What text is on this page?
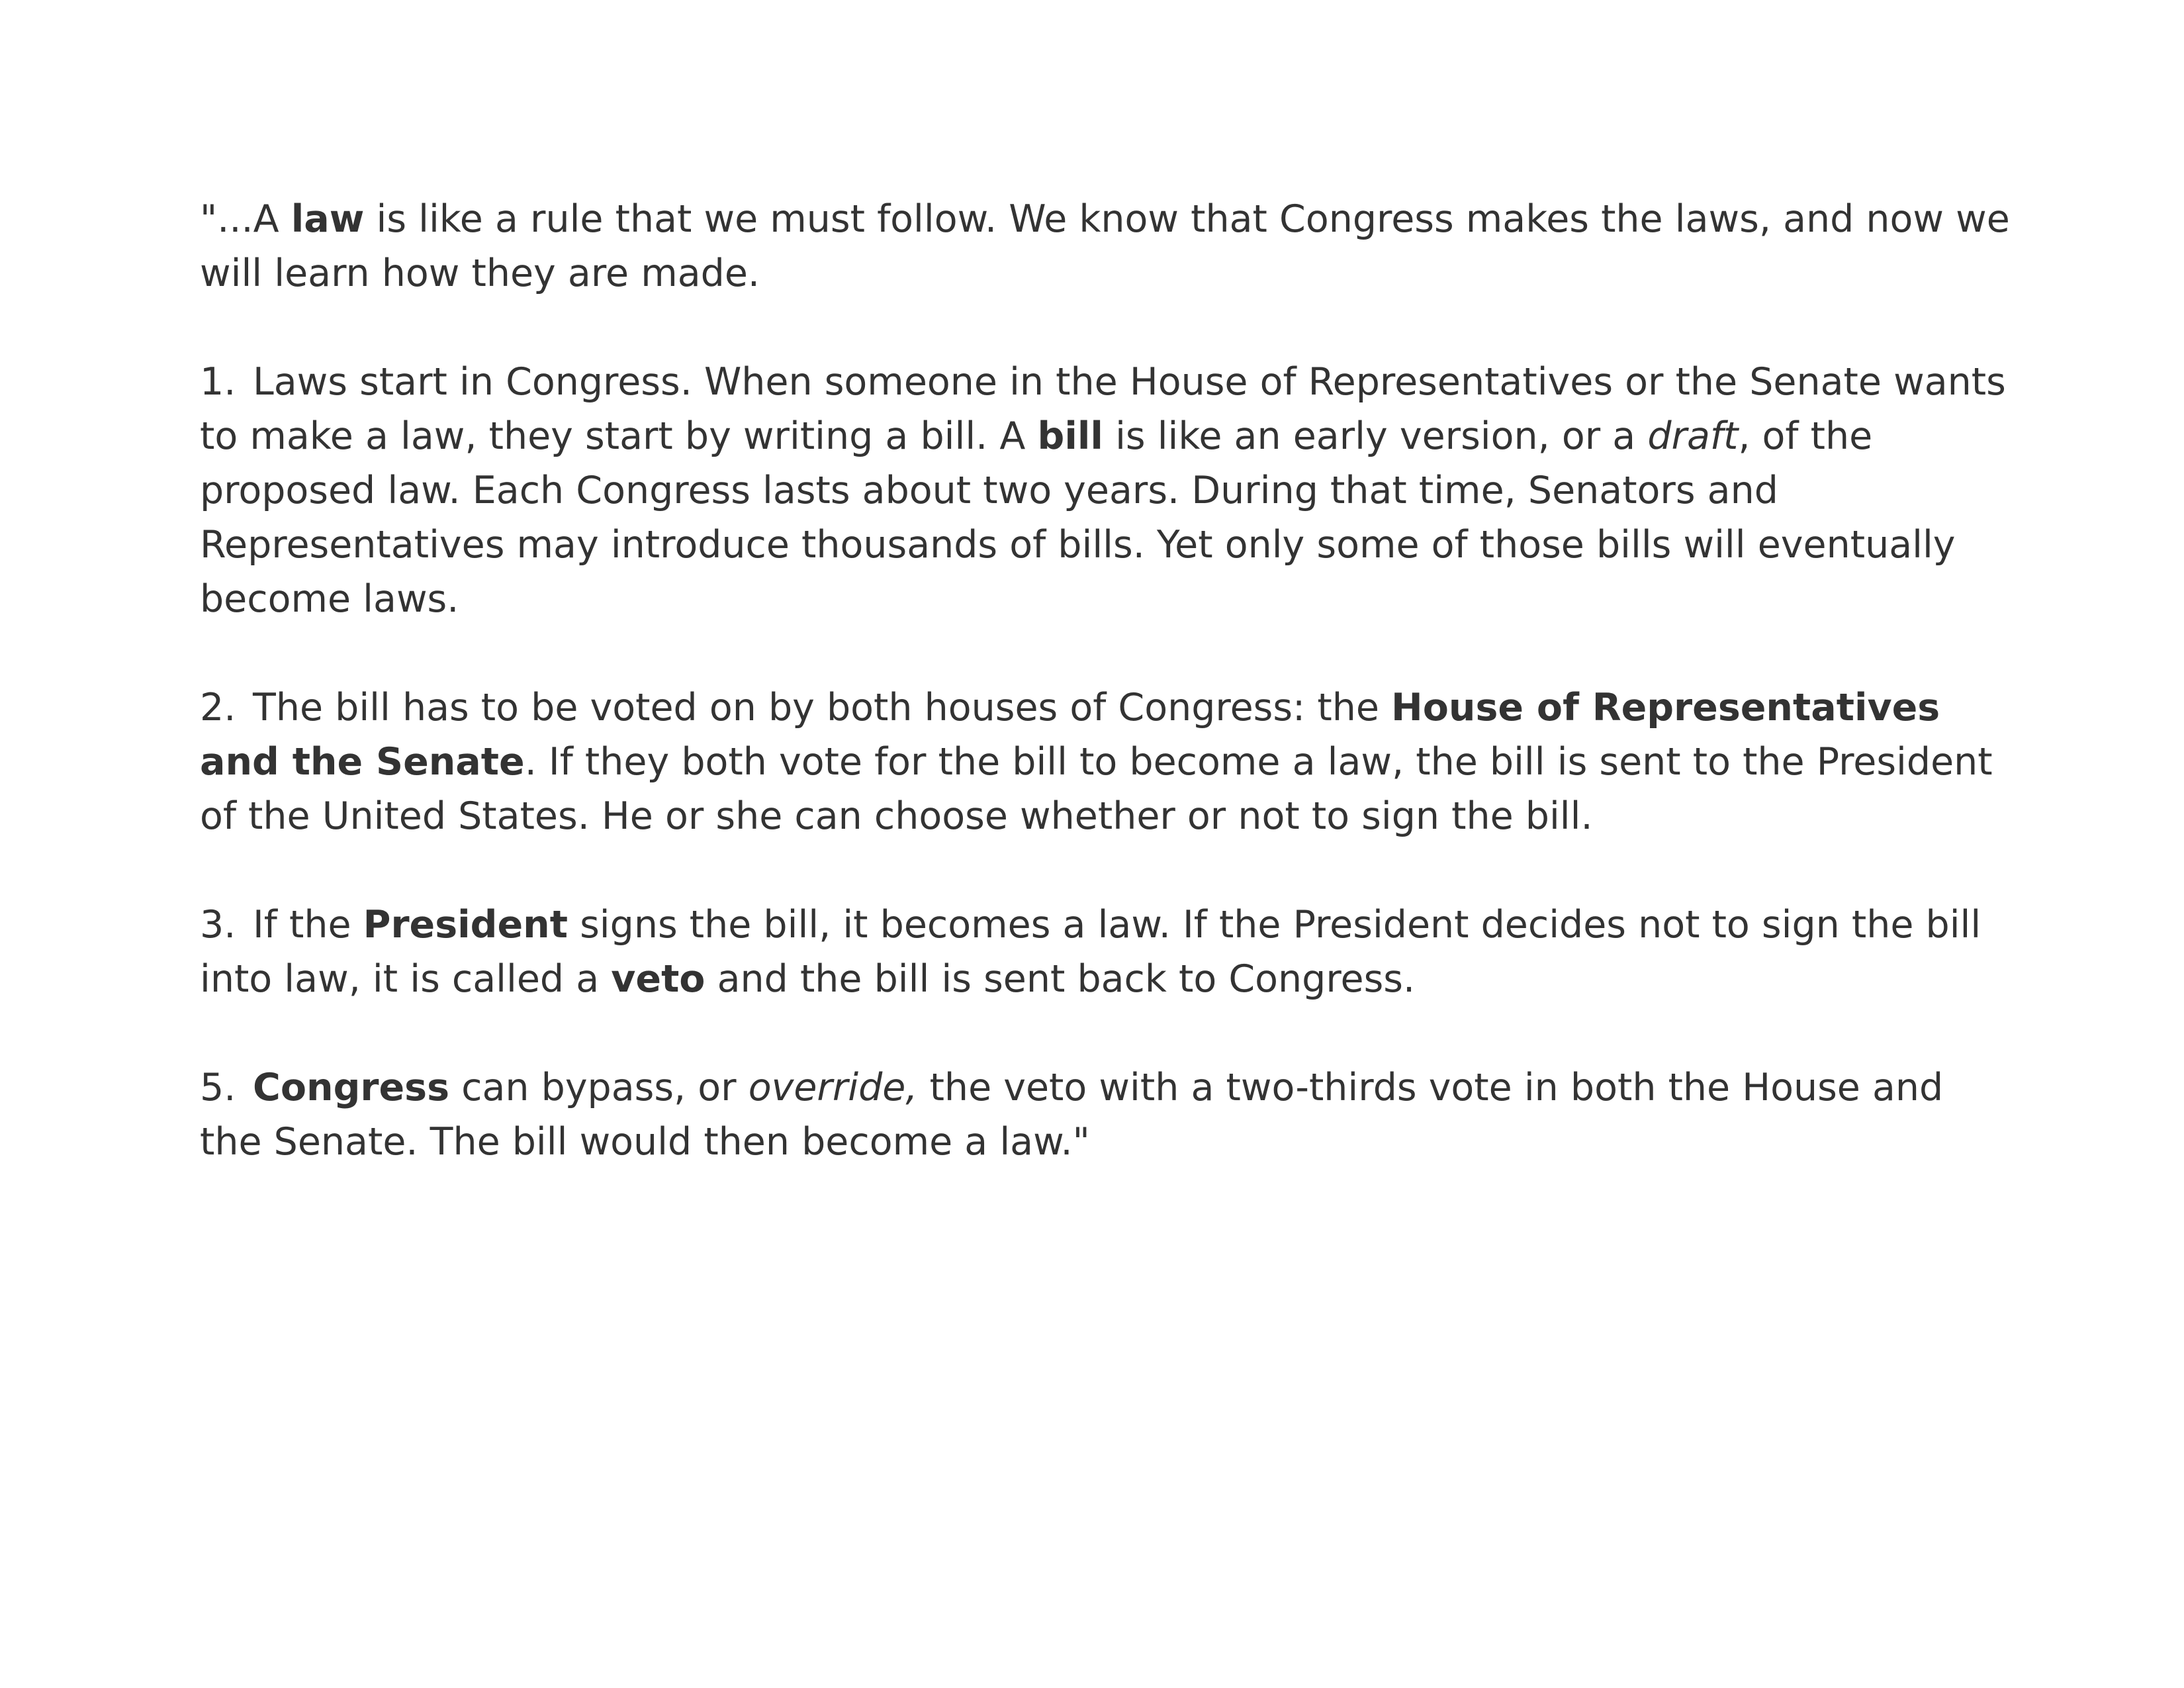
"...A law is like a rule that we must follow. We know that Congress makes the laws, and now we will learn how they are made.

1. Laws start in Congress. When someone in the House of Representatives or the Senate wants to make a law, they start by writing a bill. A bill is like an early version, or a draft, of the proposed law. Each Congress lasts about two years. During that time, Senators and Representatives may introduce thousands of bills. Yet only some of those bills will eventually become laws.

2. The bill has to be voted on by both houses of Congress: the House of Representatives and the Senate. If they both vote for the bill to become a law, the bill is sent to the President of the United States. He or she can choose whether or not to sign the bill.

3. If the President signs the bill, it becomes a law. If the President decides not to sign the bill into law, it is called a veto and the bill is sent back to Congress.

5. Congress can bypass, or override, the veto with a two-thirds vote in both the House and the Senate. The bill would then become a law."
